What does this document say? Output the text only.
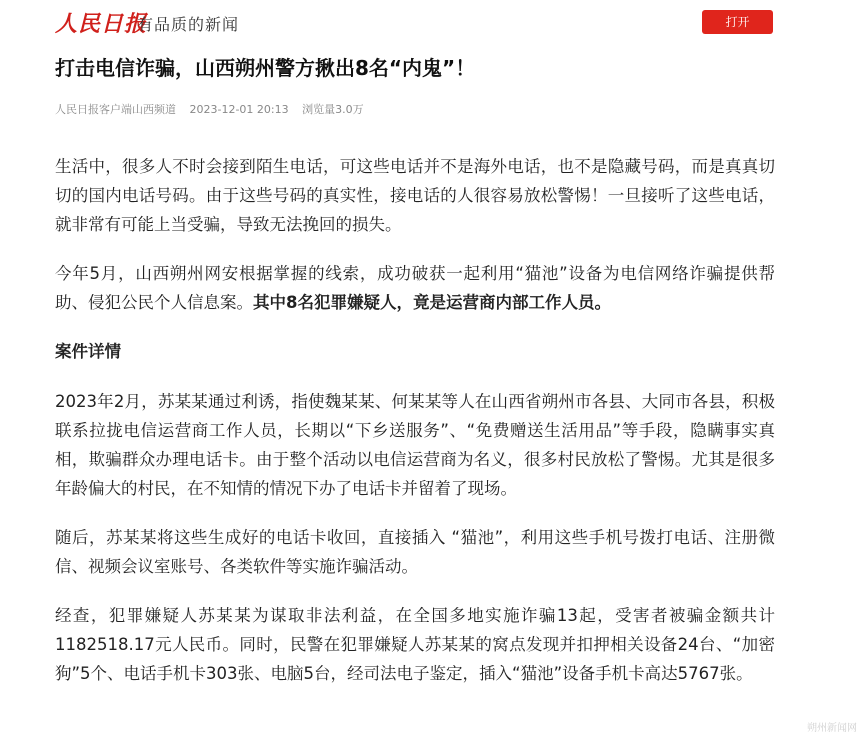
人民日报
有品质的新闻	打开
打击电信诈骗，山西朔州警方揪出8名“内鬼”！
人民日报客户端山西频道 2023-12-01 20:13 浏览量3.0万

生活中，很多人不时会接到陌生电话，可这些电话并不是海外电话，也不是隐藏号码，而是真真切切的国内电话号码。由于这些号码的真实性，接电话的人很容易放松警惕！一旦接听了这些电话，就非常有可能上当受骗，导致无法挽回的损失。

今年5月，山西朔州网安根据掌握的线索，成功破获一起利用“猫池”设备为电信网络诈骗提供帮助、侵犯公民个人信息案。其中8名犯罪嫌疑人，竟是运营商内部工作人员。

案件详情

2023年2月，苏某某通过利诱，指使魏某某、何某某等人在山西省朔州市各县、大同市各县，积极联系拉拢电信运营商工作人员，长期以“下乡送服务”、“免费赠送生活用品”等手段，隐瞒事实真相，欺骗群众办理电话卡。由于整个活动以电信运营商为名义，很多村民放松了警惕。尤其是很多年龄偏大的村民，在不知情的情况下办了电话卡并留着了现场。

随后，苏某某将这些生成好的电话卡收回，直接插入 “猫池”，利用这些手机号拨打电话、注册微信、视频会议室账号、各类软件等实施诈骗活动。

经查，犯罪嫌疑人苏某某为谋取非法利益，在全国多地实施诈骗13起，受害者被骗金额共计1182518.17元人民币。同时，民警在犯罪嫌疑人苏某某的窝点发现并扣押相关设备24台、“加密狗”5个、电话手机卡303张、电脑5台，经司法电子鉴定，插入“猫池”设备手机卡高达5767张。

朔州新闻网
